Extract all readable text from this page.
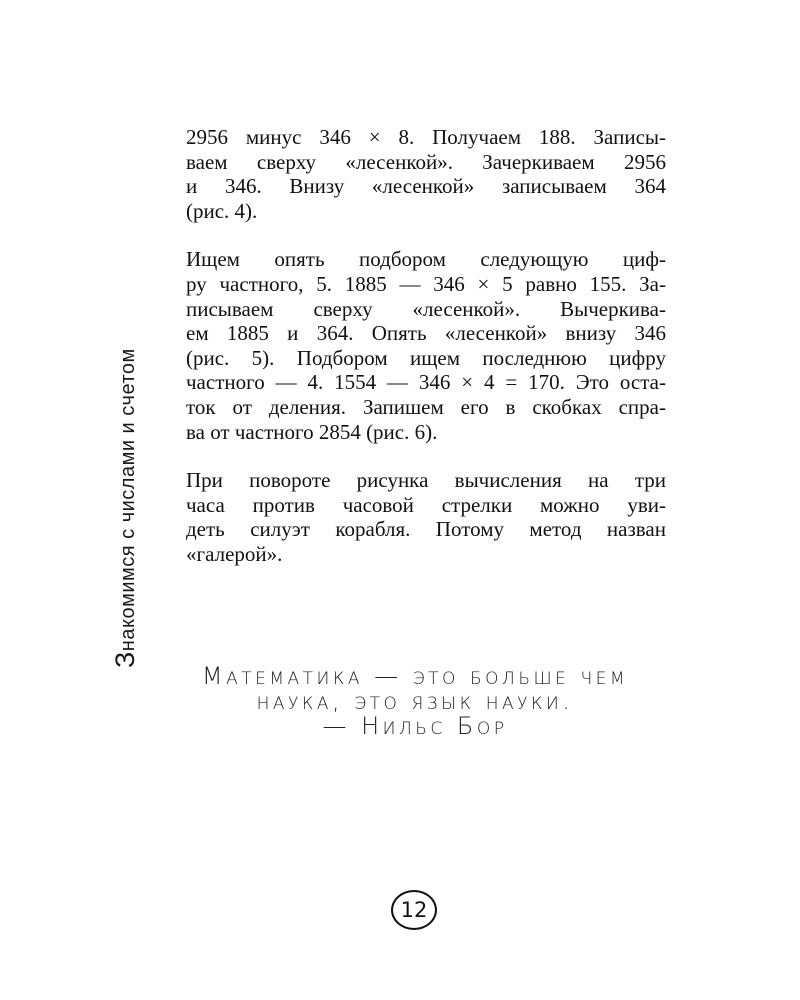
Знакомимся с числами и счетом

2956 минус 346 × 8. Получаем 188. Записы-
ваем сверху «лесенкой». Зачеркиваем 2956
и 346. Внизу «лесенкой» записываем 364
(рис. 4).

Ищем опять подбором следующую циф-
ру частного, 5. 1885 — 346 × 5 равно 155. За-
писываем сверху «лесенкой». Вычеркива-
ем 1885 и 364. Опять «лесенкой» внизу 346
(рис. 5). Подбором ищем последнюю цифру
частного — 4. 1554 — 346 × 4 = 170. Это оста-
ток от деления. Запишем его в скобках спра-
ва от частного 2854 (рис. 6).

При повороте рисунка вычисления на три
часа против часовой стрелки можно уви-
деть силуэт корабля. Потому метод назван
«галерой».

Математика — это больше чем
наука, это язык науки.
— Нильс Бор
12
